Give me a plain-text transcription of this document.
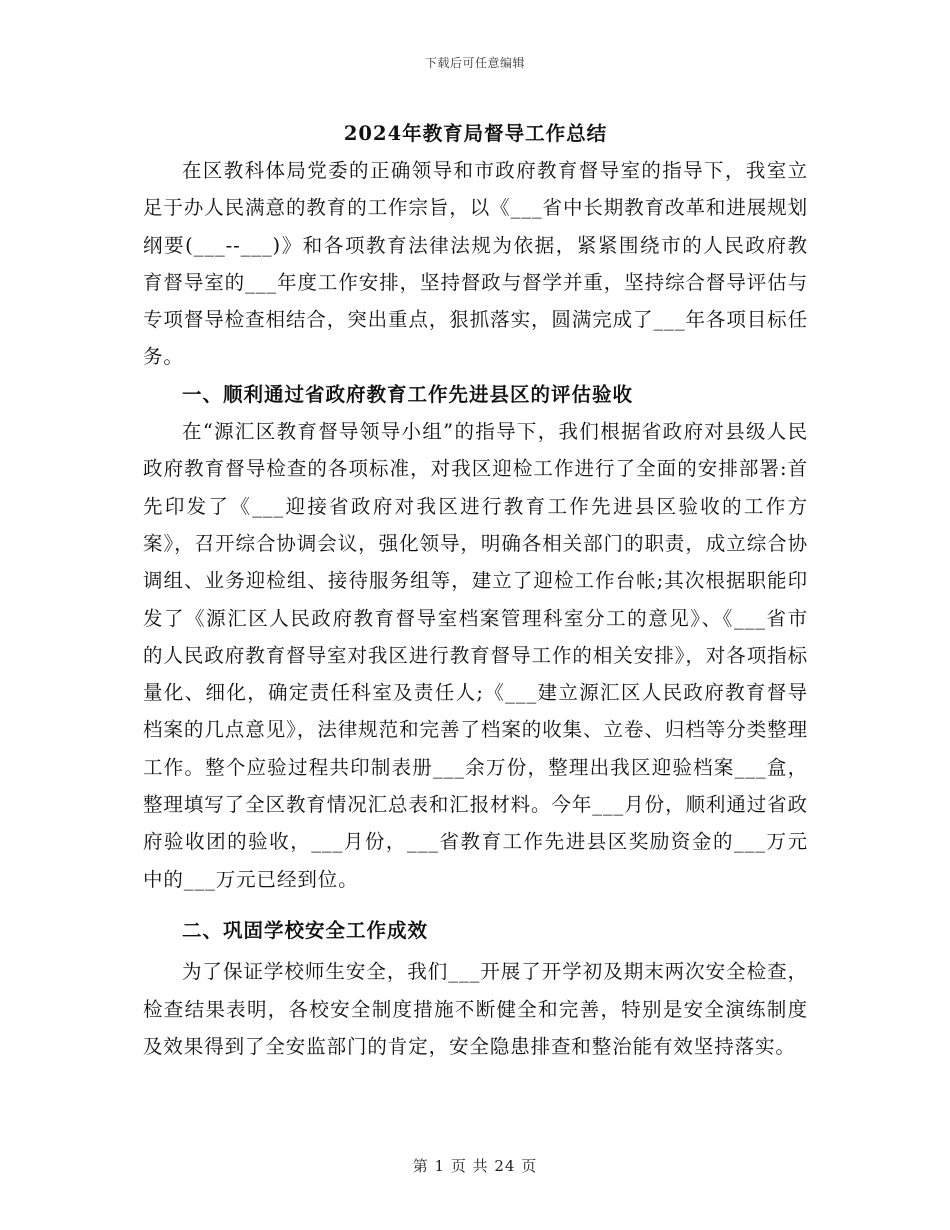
下载后可任意编辑
2024年教育局督导工作总结

在区教科体局党委的正确领导和市政府教育督导室的指导下，我室立足于办人民满意的教育的工作宗旨，以《___省中长期教育改革和进展规划纲要(___--___)》和各项教育法律法规为依据，紧紧围绕市的人民政府教育督导室的___年度工作安排，坚持督政与督学并重，坚持综合督导评估与专项督导检查相结合，突出重点，狠抓落实，圆满完成了___年各项目标任务。

一、顺利通过省政府教育工作先进县区的评估验收

在“源汇区教育督导领导小组”的指导下，我们根据省政府对县级人民政府教育督导检查的各项标准，对我区迎检工作进行了全面的安排部署:首先印发了《___迎接省政府对我区进行教育工作先进县区验收的工作方案》，召开综合协调会议，强化领导，明确各相关部门的职责，成立综合协调组、业务迎检组、接待服务组等，建立了迎检工作台帐;其次根据职能印发了《源汇区人民政府教育督导室档案管理科室分工的意见》、《___省市的人民政府教育督导室对我区进行教育督导工作的相关安排》，对各项指标量化、细化，确定责任科室及责任人;《___建立源汇区人民政府教育督导档案的几点意见》，法律规范和完善了档案的收集、立卷、归档等分类整理工作。整个应验过程共印制表册___余万份，整理出我区迎验档案___盒，整理填写了全区教育情况汇总表和汇报材料。今年___月份，顺利通过省政府验收团的验收，___月份，___省教育工作先进县区奖励资金的___万元中的___万元已经到位。

二、巩固学校安全工作成效

为了保证学校师生安全，我们___开展了开学初及期末两次安全检查，检查结果表明，各校安全制度措施不断健全和完善，特别是安全演练制度及效果得到了全安监部门的肯定，安全隐患排查和整治能有效坚持落实。

第 1 页 共 24 页
